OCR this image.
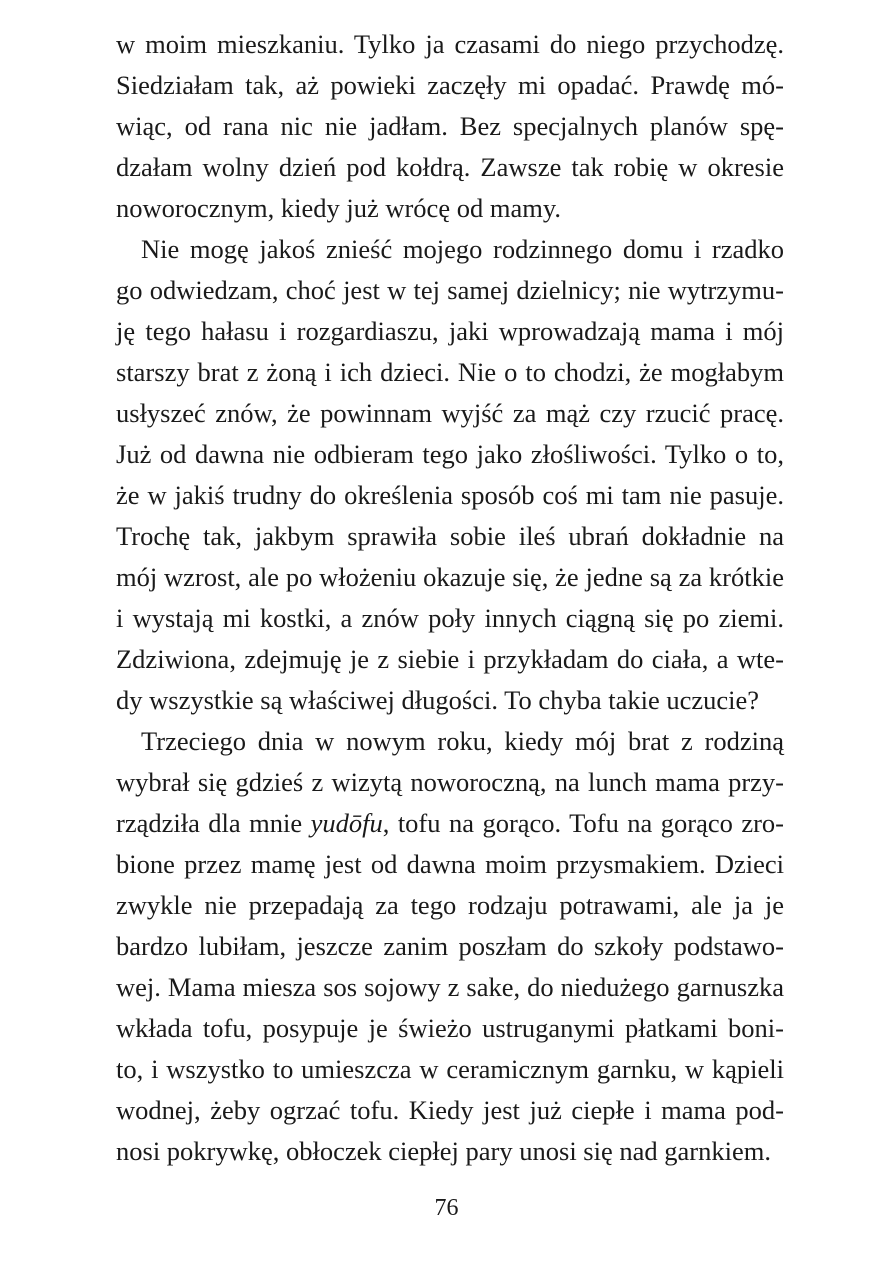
w moim mieszkaniu. Tylko ja czasami do niego przychodzę.
Siedziałam tak, aż powieki zaczęły mi opadać. Prawdę mó-
wiąc, od rana nic nie jadłam. Bez specjalnych planów spę-
dzałam wolny dzień pod kołdrą. Zawsze tak robię w okresie
noworocznym, kiedy już wrócę od mamy.
Nie mogę jakoś znieść mojego rodzinnego domu i rzadko
go odwiedzam, choć jest w tej samej dzielnicy; nie wytrzymu-
ję tego hałasu i rozgardiaszu, jaki wprowadzają mama i mój
starszy brat z żoną i ich dzieci. Nie o to chodzi, że mogłabym
usłyszeć znów, że powinnam wyjść za mąż czy rzucić pracę.
Już od dawna nie odbieram tego jako złośliwości. Tylko o to,
że w jakiś trudny do określenia sposób coś mi tam nie pasuje.
Trochę tak, jakbym sprawiła sobie ileś ubrań dokładnie na
mój wzrost, ale po włożeniu okazuje się, że jedne są za krótkie
i wystają mi kostki, a znów poły innych ciągną się po ziemi.
Zdziwiona, zdejmuję je z siebie i przykładam do ciała, a wte-
dy wszystkie są właściwej długości. To chyba takie uczucie?
Trzeciego dnia w nowym roku, kiedy mój brat z rodziną
wybrał się gdzieś z wizytą noworoczną, na lunch mama przy-
rządziła dla mnie yudōfu, tofu na gorąco. Tofu na gorąco zro-
bione przez mamę jest od dawna moim przysmakiem. Dzieci
zwykle nie przepadają za tego rodzaju potrawami, ale ja je
bardzo lubiłam, jeszcze zanim poszłam do szkoły podstawo-
wej. Mama miesza sos sojowy z sake, do niedużego garnuszka
wkłada tofu, posypuje je świeżo ustruganymi płatkami boni-
to, i wszystko to umieszcza w ceramicznym garnku, w kąpieli
wodnej, żeby ogrzać tofu. Kiedy jest już ciepłe i mama pod-
nosi pokrywkę, obłoczek ciepłej pary unosi się nad garnkiem.
76
